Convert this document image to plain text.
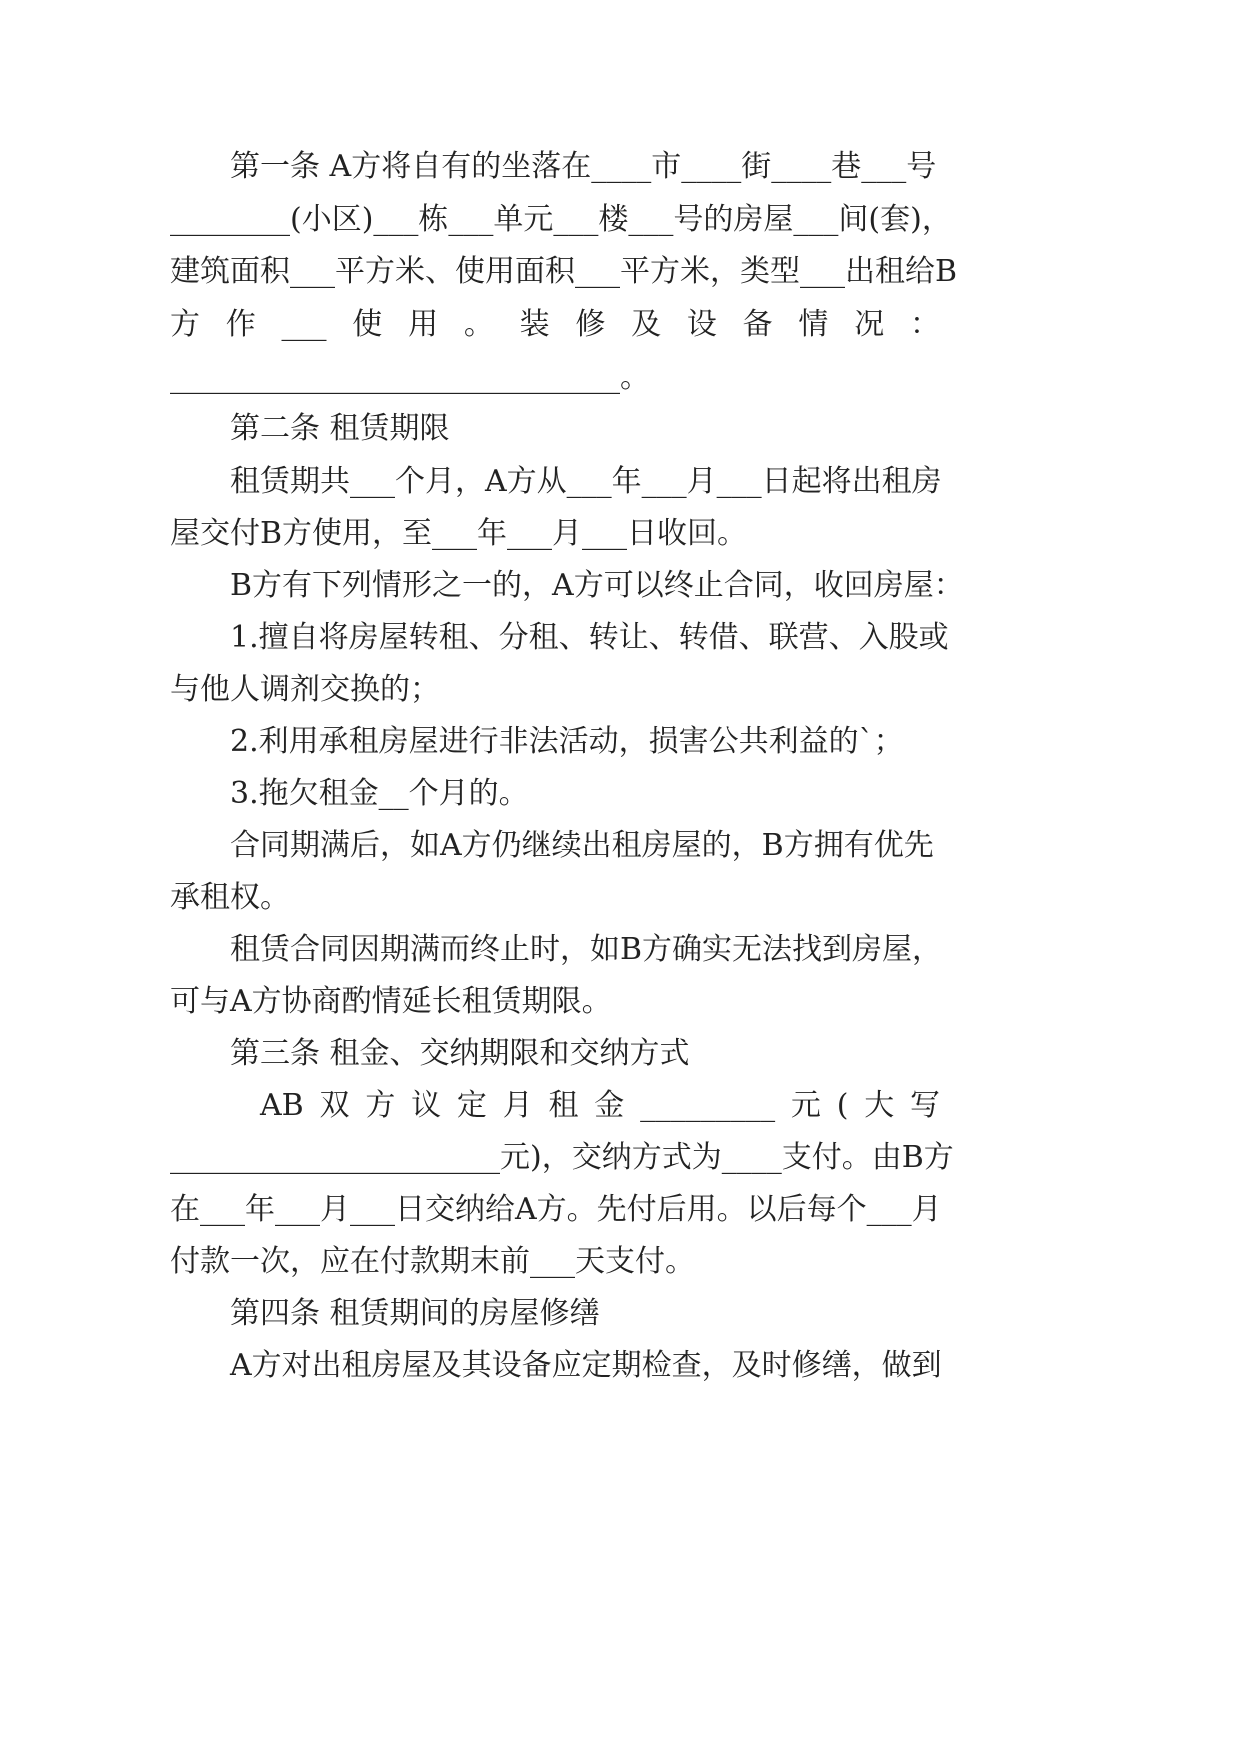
第一条 A方将自有的坐落在____市____街____巷___号
________(小区)___栋___单元___楼___号的房屋___间(套)，
建筑面积___平方米、使用面积___平方米，类型___出租给B
方 作 ___ 使 用 。 装 修 及 设 备 情 况 ：
______________________________。
第二条 租赁期限
租赁期共___个月，A方从___年___月___日起将出租房
屋交付B方使用，至___年___月___日收回。
B方有下列情形之一的，A方可以终止合同，收回房屋：
1.擅自将房屋转租、分租、转让、转借、联营、入股或
与他人调剂交换的；
2.利用承租房屋进行非法活动，损害公共利益的`；
3.拖欠租金__个月的。
合同期满后，如A方仍继续出租房屋的，B方拥有优先
承租权。
租赁合同因期满而终止时，如B方确实无法找到房屋，
可与A方协商酌情延长租赁期限。
第三条 租金、交纳期限和交纳方式
AB 双 方 议 定 月 租 金 _________ 元 ( 大 写
______________________元)，交纳方式为____支付。由B方
在___年___月___日交纳给A方。先付后用。以后每个___月
付款一次，应在付款期末前___天支付。
第四条 租赁期间的房屋修缮
A方对出租房屋及其设备应定期检查，及时修缮，做到
